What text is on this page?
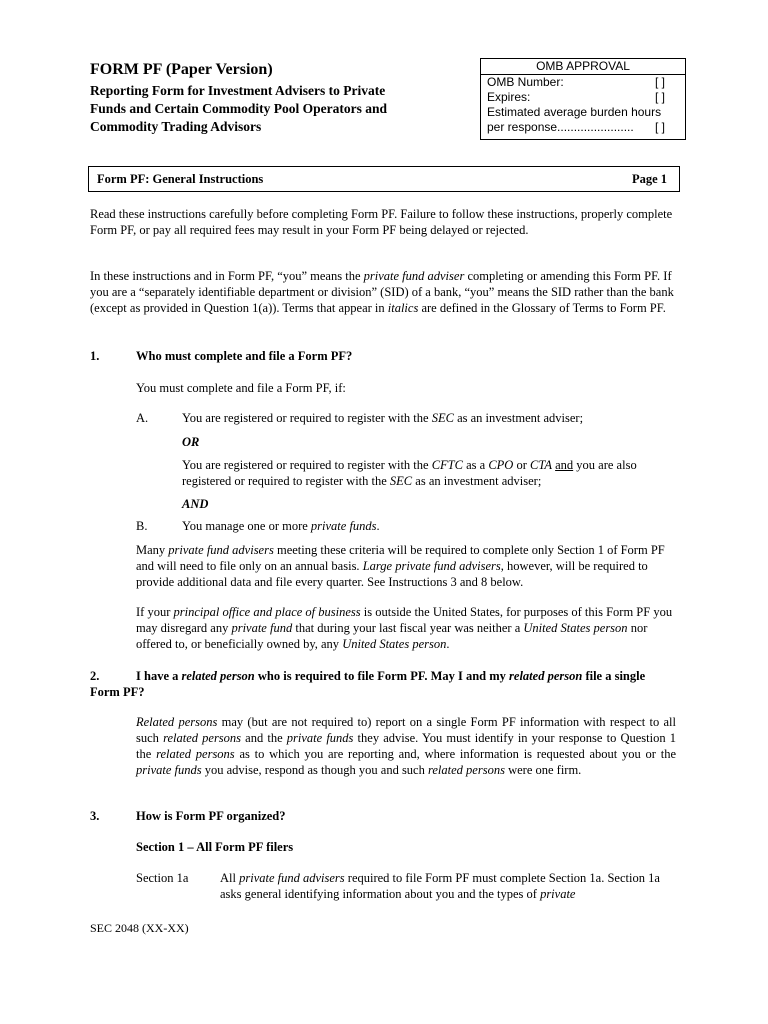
FORM PF (Paper Version)
Reporting Form for Investment Advisers to Private Funds and Certain Commodity Pool Operators and Commodity Trading Advisors
OMB APPROVAL
OMB Number:	[ ]
Expires:	[ ]
Estimated average burden hours
per response....................... [ ]
Form PF: General Instructions	Page 1
Read these instructions carefully before completing Form PF. Failure to follow these instructions, properly complete Form PF, or pay all required fees may result in your Form PF being delayed or rejected.
In these instructions and in Form PF, “you” means the private fund adviser completing or amending this Form PF. If you are a “separately identifiable department or division” (SID) of a bank, “you” means the SID rather than the bank (except as provided in Question 1(a)). Terms that appear in italics are defined in the Glossary of Terms to Form PF.
1.	Who must complete and file a Form PF?
You must complete and file a Form PF, if:
A.	You are registered or required to register with the SEC as an investment adviser;
OR
You are registered or required to register with the CFTC as a CPO or CTA and you are also registered or required to register with the SEC as an investment adviser;
AND
B.	You manage one or more private funds.
Many private fund advisers meeting these criteria will be required to complete only Section 1 of Form PF and will need to file only on an annual basis. Large private fund advisers, however, will be required to provide additional data and file every quarter. See Instructions 3 and 8 below.
If your principal office and place of business is outside the United States, for purposes of this Form PF you may disregard any private fund that during your last fiscal year was neither a United States person nor offered to, or beneficially owned by, any United States person.
2.	I have a related person who is required to file Form PF. May I and my related person file a single Form PF?
Related persons may (but are not required to) report on a single Form PF information with respect to all such related persons and the private funds they advise. You must identify in your response to Question 1 the related persons as to which you are reporting and, where information is requested about you or the private funds you advise, respond as though you and such related persons were one firm.
3.	How is Form PF organized?
Section 1 – All Form PF filers
Section 1a	All private fund advisers required to file Form PF must complete Section 1a. Section 1a asks general identifying information about you and the types of private
SEC 2048 (XX-XX)
